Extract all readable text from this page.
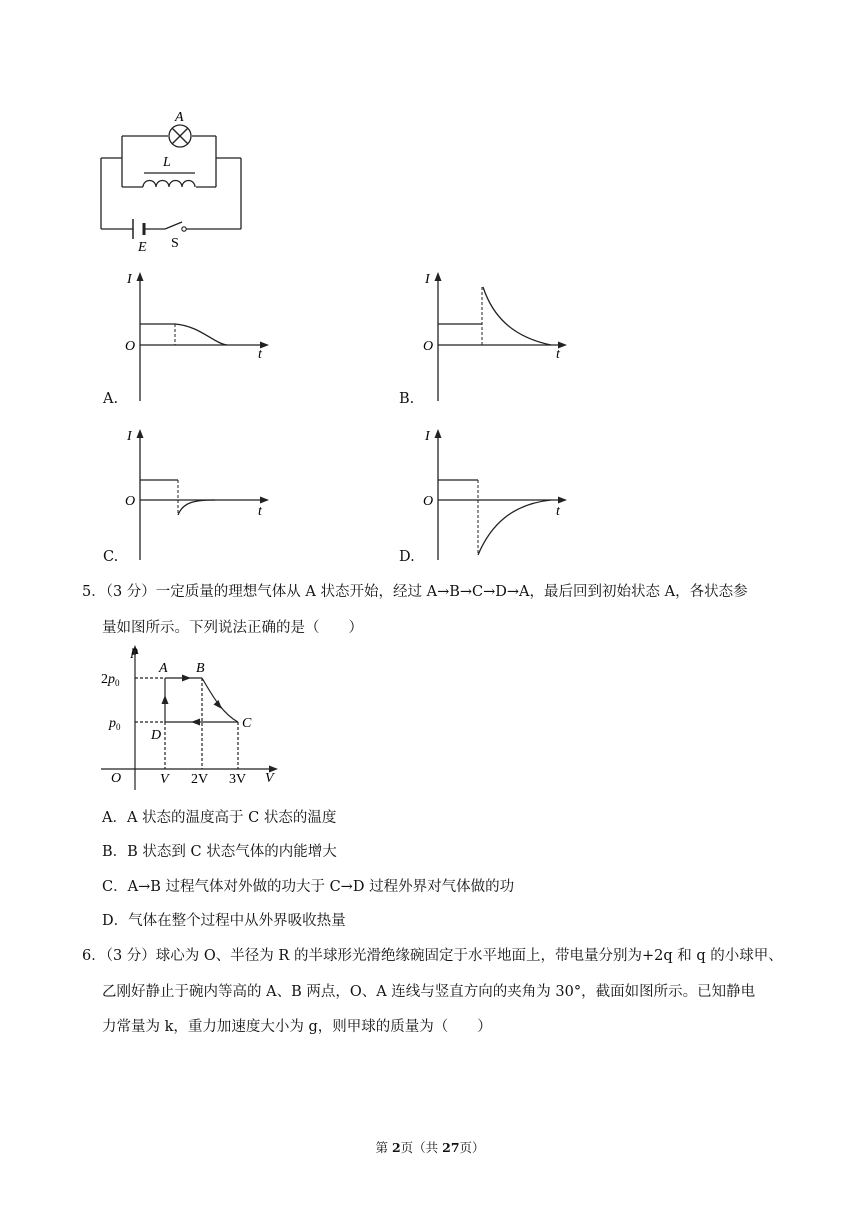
A
L
E S
A.
I
O
t
B.
I
O
t
C.
I
O
t
D.
I
O
t
5．（3 分）一定质量的理想气体从 A 状态开始，经过 A→B→C→D→A，最后回到初始状态 A，各状态参
量如图所示。下列说法正确的是（　　）
p
V
O
$2p_0$
$p_0$
V 2V 3V
A B
C
D
A．A 状态的温度高于 C 状态的温度
B．B 状态到 C 状态气体的内能增大
C．A→B 过程气体对外做的功大于 C→D 过程外界对气体做的功
D．气体在整个过程中从外界吸收热量
6．（3 分）球心为 O、半径为 R 的半球形光滑绝缘碗固定于水平地面上，带电量分别为+2q 和 q 的小球甲、
乙刚好静止于碗内等高的 A、B 两点，O、A 连线与竖直方向的夹角为 30°，截面如图所示。已知静电
力常量为 k，重力加速度大小为 g，则甲球的质量为（　　）
第 2页（共 27页）
